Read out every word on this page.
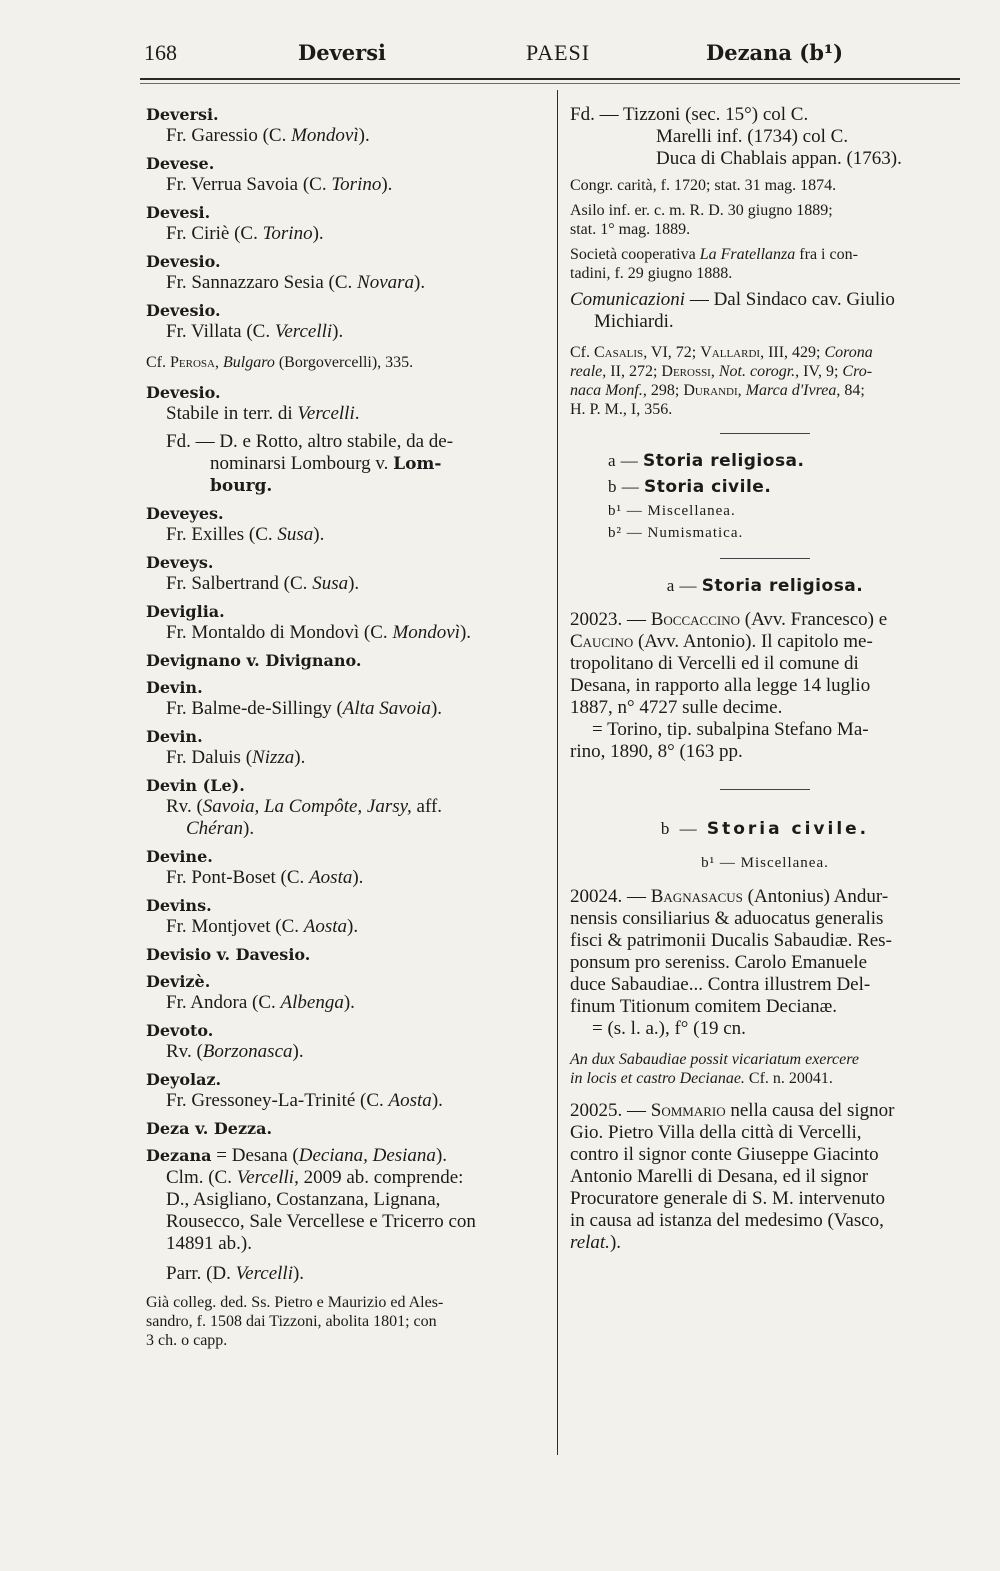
168	Deversi	PAESI	Dezana (b¹)
Deversi.
Fr. Garessio (C. Mondovì).
Devese.
Fr. Verrua Savoia (C. Torino).
Devesi.
Fr. Ciriè (C. Torino).
Devesio.
Fr. Sannazzaro Sesia (C. Novara).
Devesio.
Fr. Villata (C. Vercelli).
Cf. Perosa, Bulgaro (Borgovercelli), 335.
Devesio.
Stabile in terr. di Vercelli.
Fd. — D. e Rotto, altro stabile, da de-
nominarsi Lombourg v. Lom-
bourg.
Deveyes.
Fr. Exilles (C. Susa).
Deveys.
Fr. Salbertrand (C. Susa).
Deviglia.
Fr. Montaldo di Mondovì (C. Mondovì).
Devignano v. Divignano.
Devin.
Fr. Balme-de-Sillingy (Alta Savoia).
Devin.
Fr. Daluis (Nizza).
Devin (Le).
Rv. (Savoia, La Compôte, Jarsy, aff.
Chéran).
Devine.
Fr. Pont-Boset (C. Aosta).
Devins.
Fr. Montjovet (C. Aosta).
Devisio v. Davesio.
Devizè.
Fr. Andora (C. Albenga).
Devoto.
Rv. (Borzonasca).
Deyolaz.
Fr. Gressoney-La-Trinité (C. Aosta).
Deza v. Dezza.
Dezana = Desana (Deciana, Desiana).
Clm. (C. Vercelli, 2009 ab. comprende:
D., Asigliano, Costanzana, Lignana,
Rousecco, Sale Vercellese e Tricerro con
14891 ab.).
Parr. (D. Vercelli).
Già colleg. ded. Ss. Pietro e Maurizio ed Ales-
sandro, f. 1508 dai Tizzoni, abolita 1801; con
3 ch. o capp.
Fd. — Tizzoni (sec. 15°) col C.
Marelli inf. (1734) col C.
Duca di Chablais appan. (1763).
Congr. carità, f. 1720; stat. 31 mag. 1874.
Asilo inf. er. c. m. R. D. 30 giugno 1889;
stat. 1° mag. 1889.
Società cooperativa La Fratellanza fra i con-
tadini, f. 29 giugno 1888.
Comunicazioni — Dal Sindaco cav. Giulio
Michiardi.
Cf. Casalis, VI, 72; Vallardi, III, 429; Corona
reale, II, 272; Derossi, Not. corogr., IV, 9; Cro-
naca Monf., 298; Durandi, Marca d'Ivrea, 84;
H. P. M., I, 356.
a — Storia religiosa.
b — Storia civile.
b¹ — Miscellanea.
b² — Numismatica.
a — Storia religiosa.
20023. — Boccaccino (Avv. Francesco) e
Caucino (Avv. Antonio). Il capitolo me-
tropolitano di Vercelli ed il comune di
Desana, in rapporto alla legge 14 luglio
1887, n° 4727 sulle decime.
= Torino, tip. subalpina Stefano Ma-
rino, 1890, 8° (163 pp.
b — Storia civile.
b¹ — Miscellanea.
20024. — Bagnasacus (Antonius) Andur-
nensis consiliarius & aduocatus generalis
fisci & patrimonii Ducalis Sabaudiæ. Res-
ponsum pro sereniss. Carolo Emanuele
duce Sabaudiae... Contra illustrem Del-
finum Titionum comitem Decianæ.
= (s. l. a.), f° (19 cn.
An dux Sabaudiae possit vicariatum exercere
in locis et castro Decianae. Cf. n. 20041.
20025. — Sommario nella causa del signor
Gio. Pietro Villa della città di Vercelli,
contro il signor conte Giuseppe Giacinto
Antonio Marelli di Desana, ed il signor
Procuratore generale di S. M. intervenuto
in causa ad istanza del medesimo (Vasco,
relat.).
